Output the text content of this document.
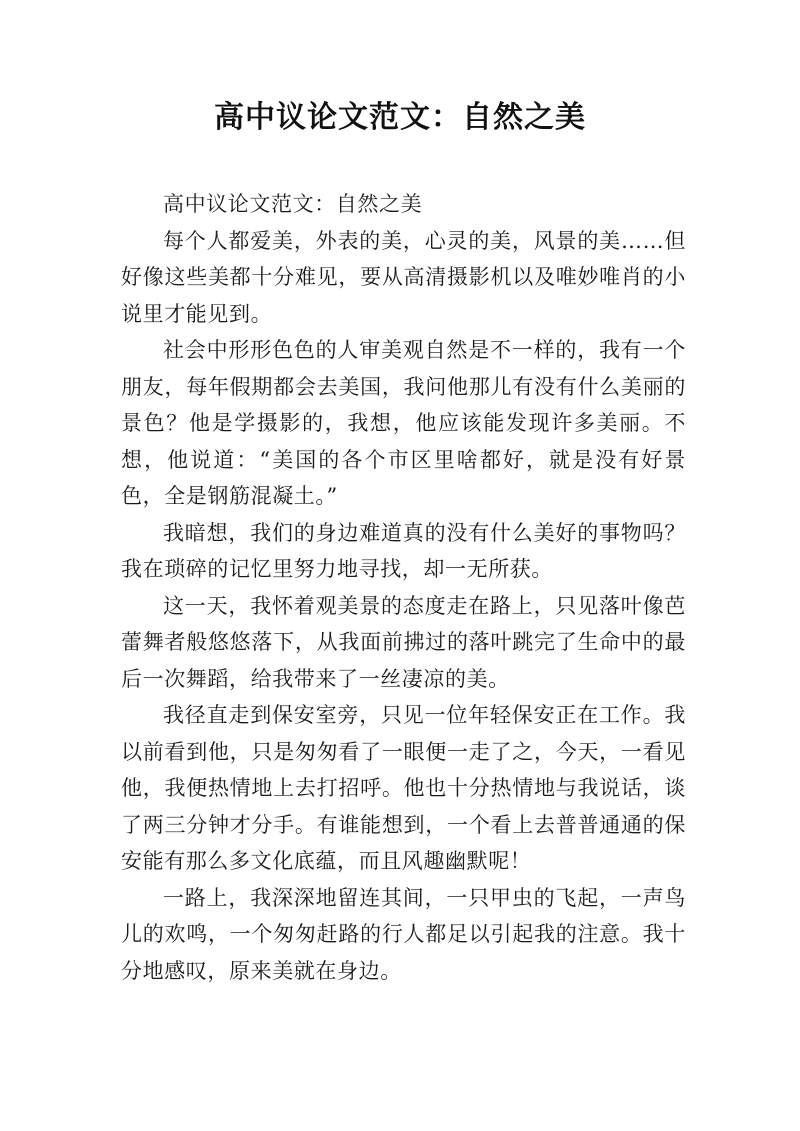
高中议论文范文：自然之美

高中议论文范文：自然之美

每个人都爱美，外表的美，心灵的美，风景的美……但好像这些美都十分难见，要从高清摄影机以及唯妙唯肖的小说里才能见到。

社会中形形色色的人审美观自然是不一样的，我有一个朋友，每年假期都会去美国，我问他那儿有没有什么美丽的景色？他是学摄影的，我想，他应该能发现许多美丽。不想，他说道：“美国的各个市区里啥都好，就是没有好景色，全是钢筋混凝土。”

我暗想，我们的身边难道真的没有什么美好的事物吗？我在琐碎的记忆里努力地寻找，却一无所获。

这一天，我怀着观美景的态度走在路上，只见落叶像芭蕾舞者般悠悠落下，从我面前拂过的落叶跳完了生命中的最后一次舞蹈，给我带来了一丝凄凉的美。

我径直走到保安室旁，只见一位年轻保安正在工作。我以前看到他，只是匆匆看了一眼便一走了之，今天，一看见他，我便热情地上去打招呼。他也十分热情地与我说话，谈了两三分钟才分手。有谁能想到，一个看上去普普通通的保安能有那么多文化底蕴，而且风趣幽默呢！

一路上，我深深地留连其间，一只甲虫的飞起，一声鸟儿的欢鸣，一个匆匆赶路的行人都足以引起我的注意。我十分地感叹，原来美就在身边。
